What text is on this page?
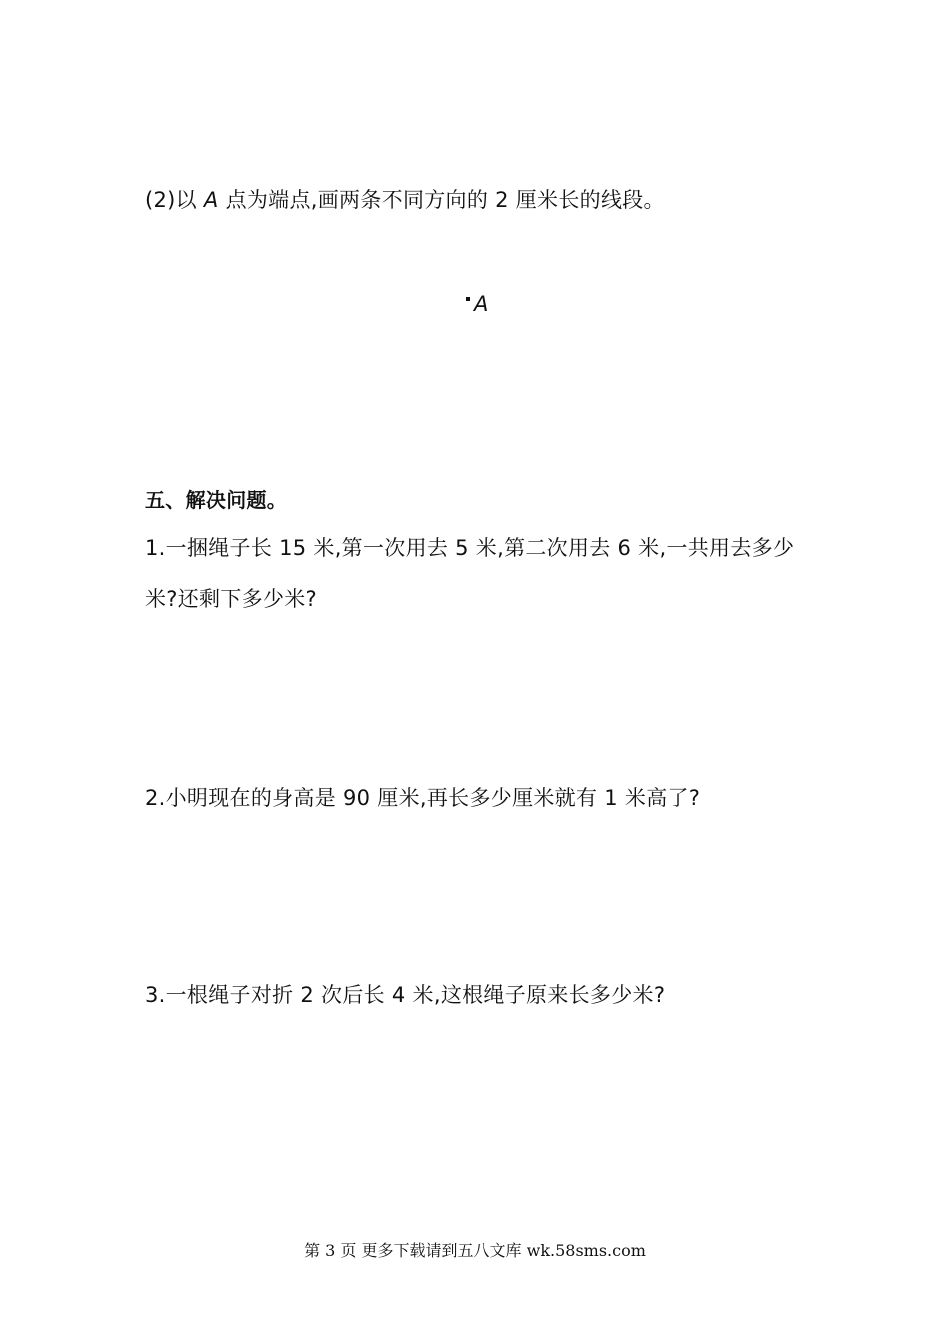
(2)以 A 点为端点,画两条不同方向的 2 厘米长的线段。
A
五、解决问题。
1.一捆绳子长 15 米,第一次用去 5 米,第二次用去 6 米,一共用去多少
米?还剩下多少米?
2.小明现在的身高是 90 厘米,再长多少厘米就有 1 米高了?
3.一根绳子对折 2 次后长 4 米,这根绳子原来长多少米?
第 3 页 更多下载请到五八文库 wk.58sms.com
